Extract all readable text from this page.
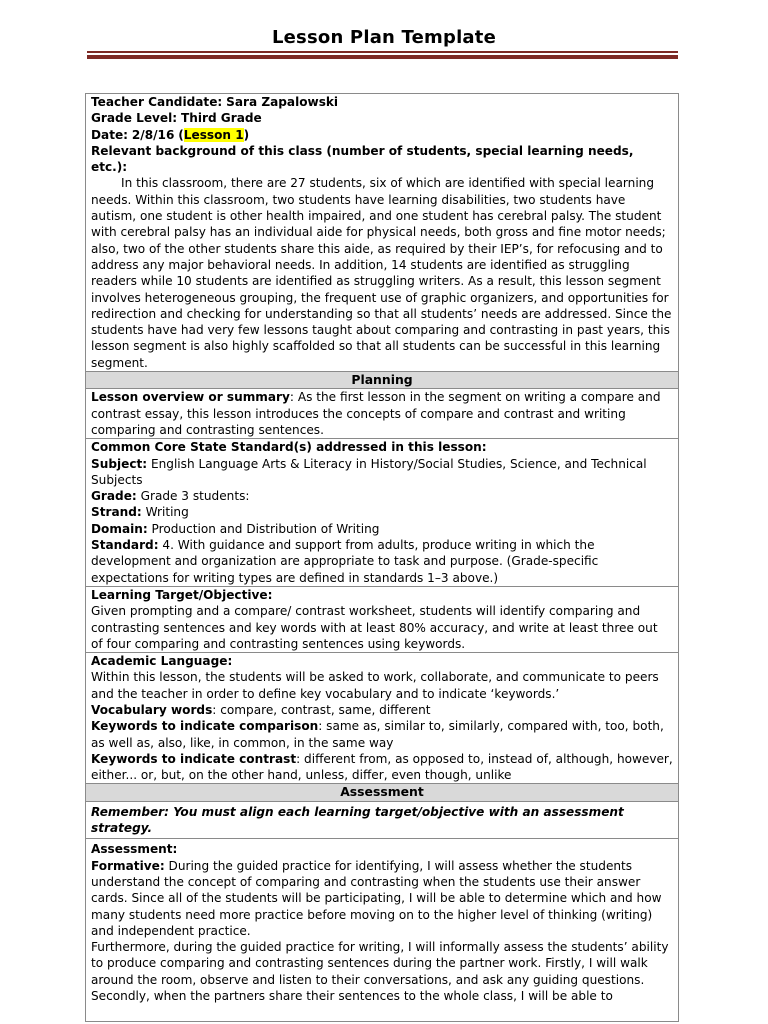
Lesson Plan Template
Teacher Candidate: Sara Zapalowski
Grade Level: Third Grade
Date: 2/8/16 (Lesson 1)
Relevant background of this class (number of students, special learning needs, etc.):
In this classroom, there are 27 students, six of which are identified with special learning needs. Within this classroom, two students have learning disabilities, two students have autism, one student is other health impaired, and one student has cerebral palsy. The student with cerebral palsy has an individual aide for physical needs, both gross and fine motor needs; also, two of the other students share this aide, as required by their IEP’s, for refocusing and to address any major behavioral needs. In addition, 14 students are identified as struggling readers while 10 students are identified as struggling writers. As a result, this lesson segment involves heterogeneous grouping, the frequent use of graphic organizers, and opportunities for redirection and checking for understanding so that all students’ needs are addressed. Since the students have had very few lessons taught about comparing and contrasting in past years, this lesson segment is also highly scaffolded so that all students can be successful in this learning segment.

Planning
Lesson overview or summary: As the first lesson in the segment on writing a compare and contrast essay, this lesson introduces the concepts of compare and contrast and writing comparing and contrasting sentences.

Common Core State Standard(s) addressed in this lesson:
Subject: English Language Arts & Literacy in History/Social Studies, Science, and Technical Subjects
Grade: Grade 3 students:
Strand: Writing
Domain: Production and Distribution of Writing
Standard: 4. With guidance and support from adults, produce writing in which the development and organization are appropriate to task and purpose. (Grade-specific expectations for writing types are defined in standards 1–3 above.)

Learning Target/Objective:
Given prompting and a compare/ contrast worksheet, students will identify comparing and contrasting sentences and key words with at least 80% accuracy, and write at least three out of four comparing and contrasting sentences using keywords.

Academic Language:
Within this lesson, the students will be asked to work, collaborate, and communicate to peers and the teacher in order to define key vocabulary and to indicate ‘keywords.’
Vocabulary words: compare, contrast, same, different
Keywords to indicate comparison: same as, similar to, similarly, compared with, too, both, as well as, also, like, in common, in the same way
Keywords to indicate contrast: different from, as opposed to, instead of, although, however, either... or, but, on the other hand, unless, differ, even though, unlike

Assessment

Remember: You must align each learning target/objective with an assessment strategy.

Assessment:
Formative: During the guided practice for identifying, I will assess whether the students understand the concept of comparing and contrasting when the students use their answer cards. Since all of the students will be participating, I will be able to determine which and how many students need more practice before moving on to the higher level of thinking (writing) and independent practice.
Furthermore, during the guided practice for writing, I will informally assess the students’ ability to produce comparing and contrasting sentences during the partner work. Firstly, I will walk around the room, observe and listen to their conversations, and ask any guiding questions. Secondly, when the partners share their sentences to the whole class, I will be able to
